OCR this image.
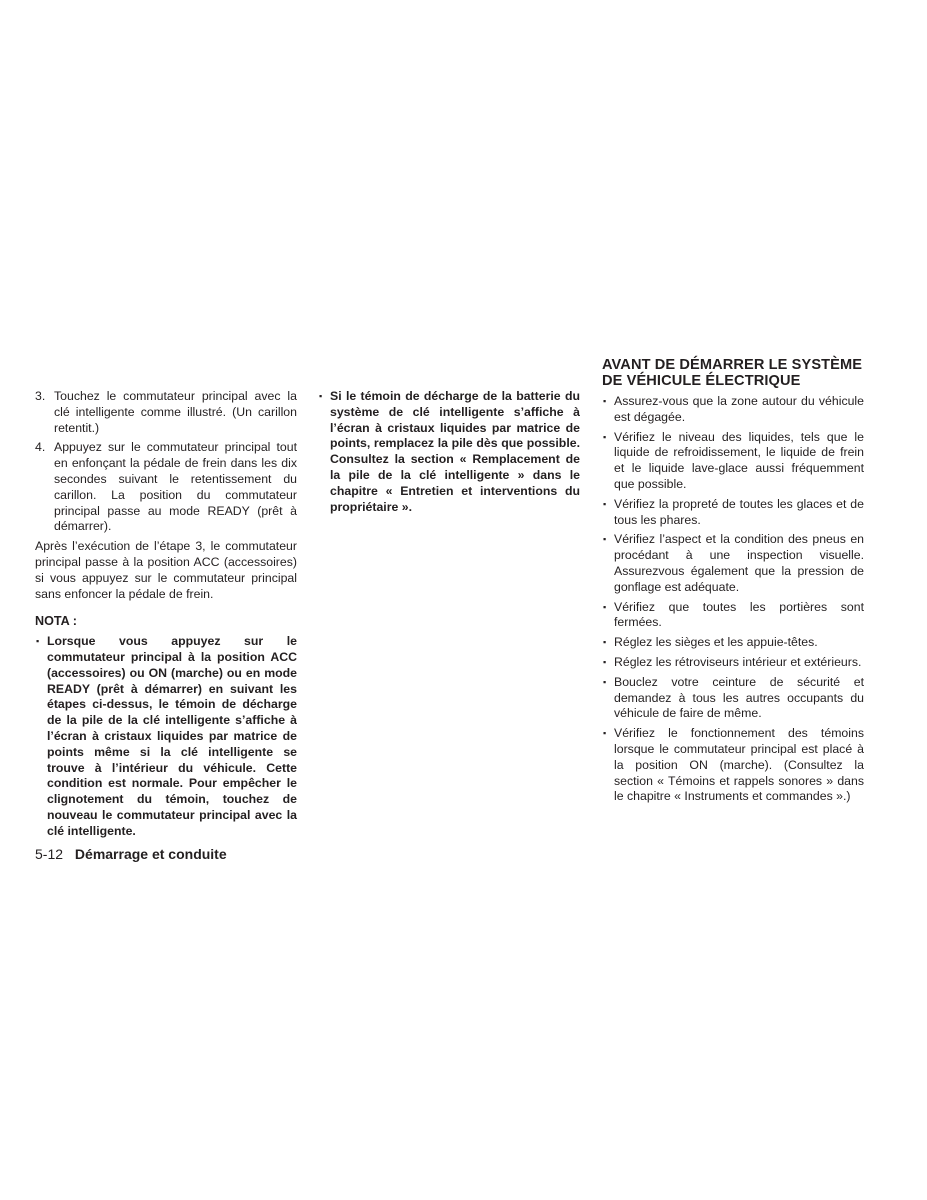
3. Touchez le commutateur principal avec la clé intelligente comme illustré. (Un carillon retentit.)
4. Appuyez sur le commutateur principal tout en enfonçant la pédale de frein dans les dix secondes suivant le retentissement du carillon. La position du commutateur principal passe au mode READY (prêt à démarrer).

Après l’exécution de l’étape 3, le commutateur principal passe à la position ACC (accessoires) si vous appuyez sur le commutateur principal sans enfoncer la pédale de frein.

NOTA :
▪ Lorsque vous appuyez sur le commutateur principal à la position ACC (accessoires) ou ON (marche) ou en mode READY (prêt à démarrer) en suivant les étapes ci-dessus, le témoin de décharge de la pile de la clé intelligente s’affiche à l’écran à cristaux liquides par matrice de points même si la clé intelligente se trouve à l’intérieur du véhicule. Cette condition est normale. Pour empêcher le clignotement du témoin, touchez de nouveau le commutateur principal avec la clé intelligente.
▪ Si le témoin de décharge de la batterie du système de clé intelligente s’affiche à l’écran à cristaux liquides par matrice de points, remplacez la pile dès que possible. Consultez la section « Remplacement de la pile de la clé intelligente » dans le chapitre « Entretien et interventions du propriétaire ».
AVANT DE DÉMARRER LE SYSTÈME
DE VÉHICULE ÉLECTRIQUE
▪ Assurez-vous que la zone autour du véhicule est dégagée.
▪ Vérifiez le niveau des liquides, tels que le liquide de refroidissement, le liquide de frein et le liquide lave-glace aussi fréquemment que possible.
▪ Vérifiez la propreté de toutes les glaces et de tous les phares.
▪ Vérifiez l’aspect et la condition des pneus en procédant à une inspection visuelle. Assurezvous également que la pression de gonflage est adéquate.
▪ Vérifiez que toutes les portières sont fermées.
▪ Réglez les sièges et les appuie-têtes.
▪ Réglez les rétroviseurs intérieur et extérieurs.
▪ Bouclez votre ceinture de sécurité et demandez à tous les autres occupants du véhicule de faire de même.
▪ Vérifiez le fonctionnement des témoins lorsque le commutateur principal est placé à la position ON (marche). (Consultez la section « Témoins et rappels sonores » dans le chapitre « Instruments et commandes ».)
5-12 Démarrage et conduite
